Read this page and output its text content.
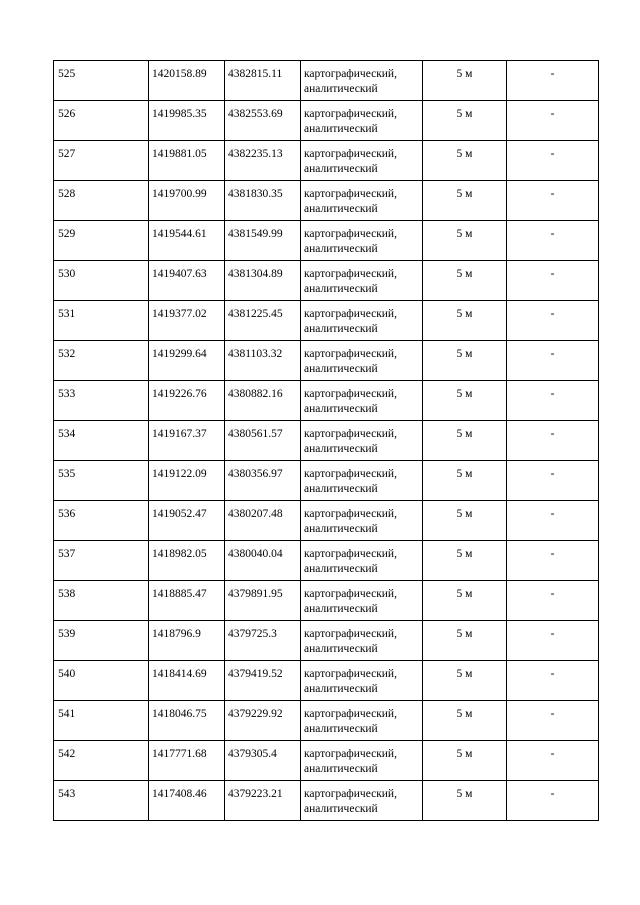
525	1420158.89	4382815.11	картографический,
аналитический	5 м	-
526	1419985.35	4382553.69	картографический,
аналитический	5 м	-
527	1419881.05	4382235.13	картографический,
аналитический	5 м	-
528	1419700.99	4381830.35	картографический,
аналитический	5 м	-
529	1419544.61	4381549.99	картографический,
аналитический	5 м	-
530	1419407.63	4381304.89	картографический,
аналитический	5 м	-
531	1419377.02	4381225.45	картографический,
аналитический	5 м	-
532	1419299.64	4381103.32	картографический,
аналитический	5 м	-
533	1419226.76	4380882.16	картографический,
аналитический	5 м	-
534	1419167.37	4380561.57	картографический,
аналитический	5 м	-
535	1419122.09	4380356.97	картографический,
аналитический	5 м	-
536	1419052.47	4380207.48	картографический,
аналитический	5 м	-
537	1418982.05	4380040.04	картографический,
аналитический	5 м	-
538	1418885.47	4379891.95	картографический,
аналитический	5 м	-
539	1418796.9	4379725.3	картографический,
аналитический	5 м	-
540	1418414.69	4379419.52	картографический,
аналитический	5 м	-
541	1418046.75	4379229.92	картографический,
аналитический	5 м	-
542	1417771.68	4379305.4	картографический,
аналитический	5 м	-
543	1417408.46	4379223.21	картографический,
аналитический	5 м	-
